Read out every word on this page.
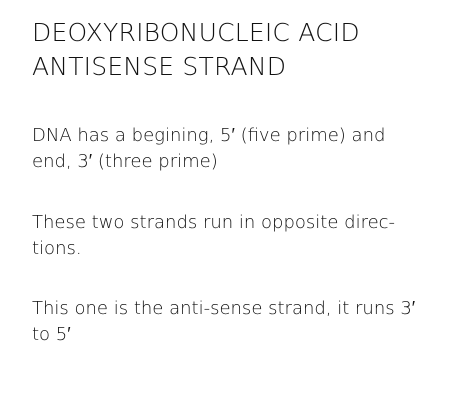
DEOXYRIBONUCLEIC ACID
ANTISENSE STRAND

DNA has a begining, 5′ (five prime) and
end, 3′ (three prime)

These two strands run in opposite direc-
tions.

This one is the anti-sense strand, it runs 3′
to 5′
